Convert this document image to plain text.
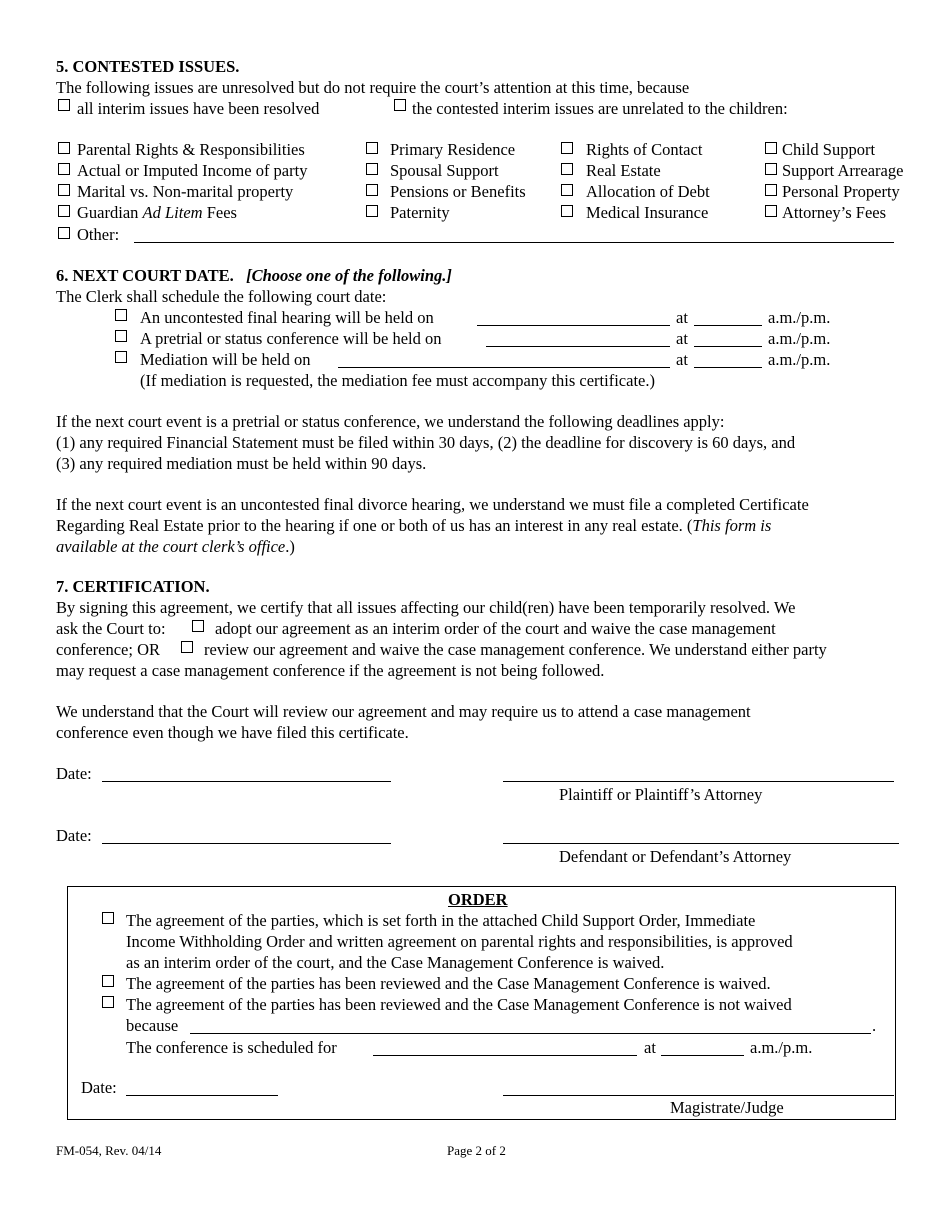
5. CONTESTED ISSUES.
The following issues are unresolved but do not require the court’s attention at this time, because
all interim issues have been resolved	the contested interim issues are unrelated to the children:
Parental Rights & Responsibilities	Primary Residence	Rights of Contact	Child Support
Actual or Imputed Income of party	Spousal Support	Real Estate	Support Arrearage
Marital vs. Non-marital property	Pensions or Benefits	Allocation of Debt	Personal Property
Guardian Ad Litem Fees	Paternity	Medical Insurance	Attorney’s Fees
Other:
6. NEXT COURT DATE. [Choose one of the following.]
The Clerk shall schedule the following court date:
An uncontested final hearing will be held on	at	a.m./p.m.
A pretrial or status conference will be held on	at	a.m./p.m.
Mediation will be held on	at	a.m./p.m.
(If mediation is requested, the mediation fee must accompany this certificate.)
If the next court event is a pretrial or status conference, we understand the following deadlines apply:
(1) any required Financial Statement must be filed within 30 days, (2) the deadline for discovery is 60 days, and
(3) any required mediation must be held within 90 days.
If the next court event is an uncontested final divorce hearing, we understand we must file a completed Certificate
Regarding Real Estate prior to the hearing if one or both of us has an interest in any real estate. (This form is
available at the court clerk’s office.)
7. CERTIFICATION.
By signing this agreement, we certify that all issues affecting our child(ren) have been temporarily resolved. We
ask the Court to:	adopt our agreement as an interim order of the court and waive the case management
conference; OR	review our agreement and waive the case management conference. We understand either party
may request a case management conference if the agreement is not being followed.
We understand that the Court will review our agreement and may require us to attend a case management
conference even though we have filed this certificate.
Date:
Plaintiff or Plaintiff’s Attorney
Date:
Defendant or Defendant’s Attorney
ORDER
The agreement of the parties, which is set forth in the attached Child Support Order, Immediate
Income Withholding Order and written agreement on parental rights and responsibilities, is approved
as an interim order of the court, and the Case Management Conference is waived.
The agreement of the parties has been reviewed and the Case Management Conference is waived.
The agreement of the parties has been reviewed and the Case Management Conference is not waived
because	.
The conference is scheduled for	at	a.m./p.m.
Date:
Magistrate/Judge
FM-054, Rev. 04/14	Page 2 of 2
